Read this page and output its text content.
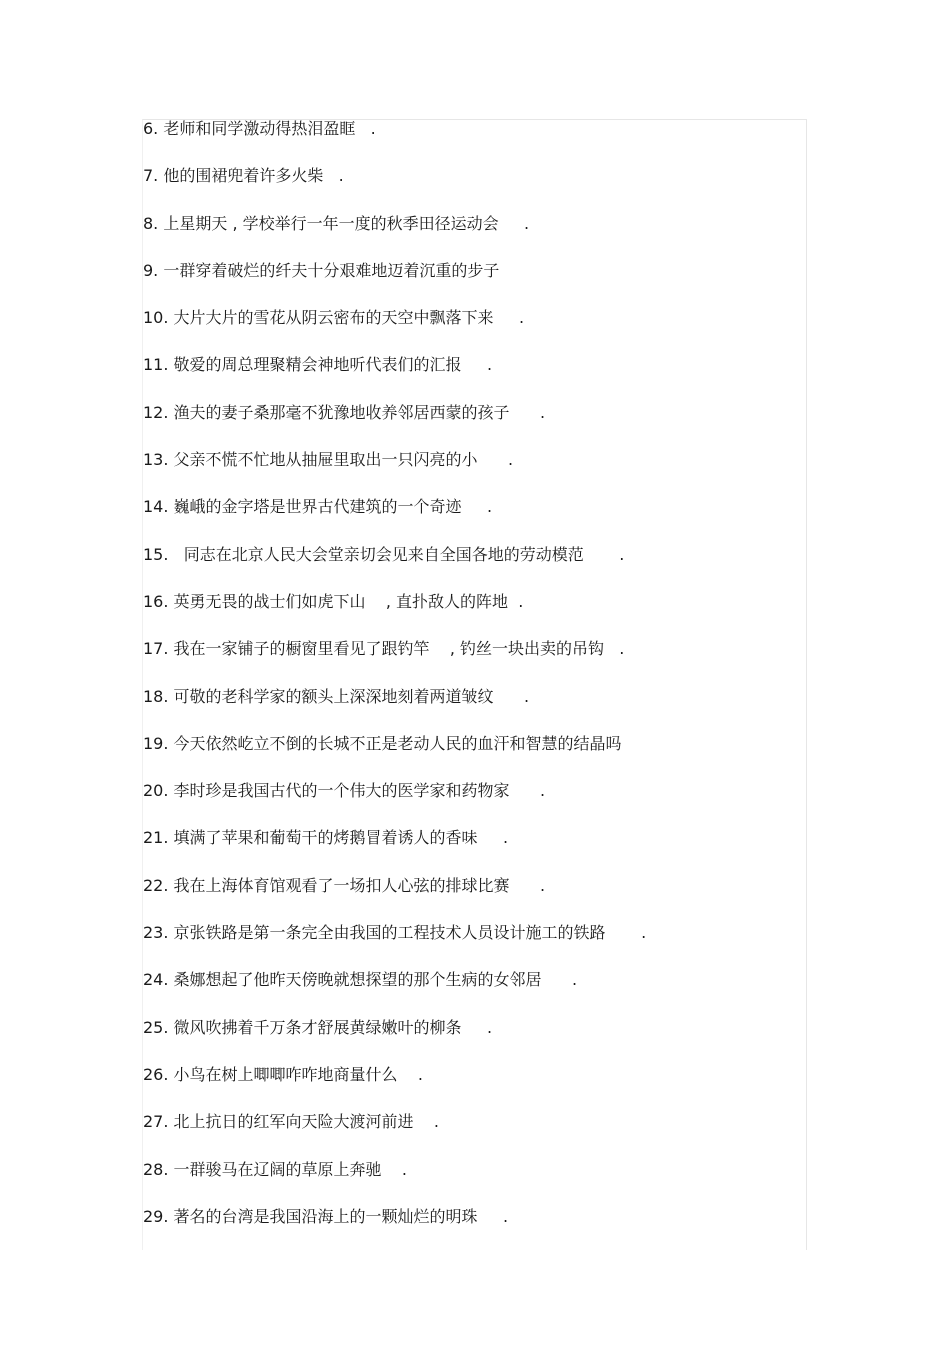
6. 老师和同学激动得热泪盈眶   .
7. 他的围裙兜着许多火柴   .
8. 上星期天 , 学校举行一年一度的秋季田径运动会     .
9. 一群穿着破烂的纤夫十分艰难地迈着沉重的步子
10. 大片大片的雪花从阴云密布的天空中飘落下来     .
11. 敬爱的周总理聚精会神地听代表们的汇报     .
12. 渔夫的妻子桑那毫不犹豫地收养邻居西蒙的孩子      .
13. 父亲不慌不忙地从抽屉里取出一只闪亮的小      .
14. 巍峨的金字塔是世界古代建筑的一个奇迹     .
15.   同志在北京人民大会堂亲切会见来自全国各地的劳动模范       .
16. 英勇无畏的战士们如虎下山    , 直扑敌人的阵地  .
17. 我在一家铺子的橱窗里看见了跟钓竿    , 钓丝一块出卖的吊钩   .
18. 可敬的老科学家的额头上深深地刻着两道皱纹      .
19. 今天依然屹立不倒的长城不正是老动人民的血汗和智慧的结晶吗
20. 李时珍是我国古代的一个伟大的医学家和药物家      .
21. 填满了苹果和葡萄干的烤鹅冒着诱人的香味     .
22. 我在上海体育馆观看了一场扣人心弦的排球比赛      .
23. 京张铁路是第一条完全由我国的工程技术人员设计施工的铁路       .
24. 桑娜想起了他昨天傍晚就想探望的那个生病的女邻居      .
25. 微风吹拂着千万条才舒展黄绿嫩叶的柳条     .
26. 小鸟在树上唧唧咋咋地商量什么    .
27. 北上抗日的红军向天险大渡河前进    .
28. 一群骏马在辽阔的草原上奔驰    .
29. 著名的台湾是我国沿海上的一颗灿烂的明珠     .
